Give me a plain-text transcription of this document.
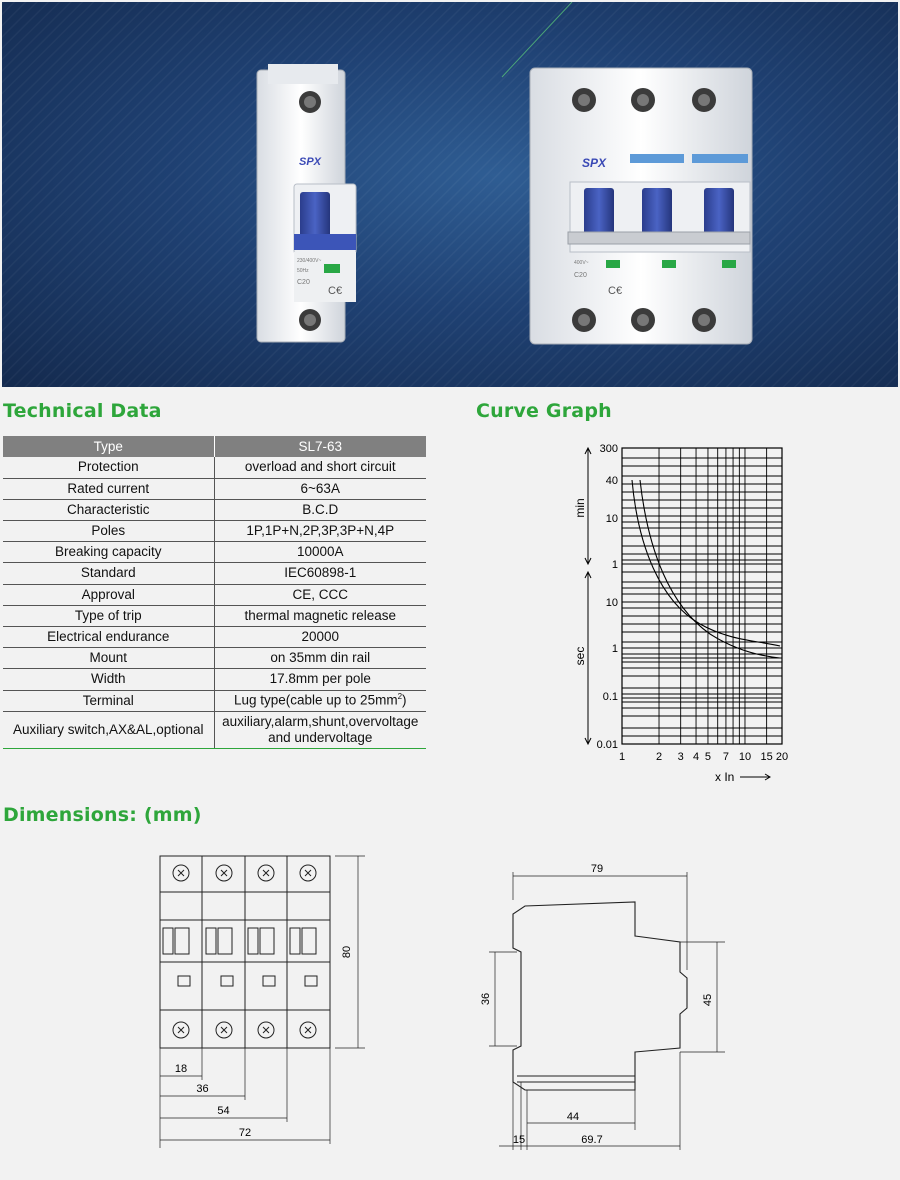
SPX
230/400V~
50Hz
C20
C€
SPX
400V~
C20
C€
Technical Data
Type	SL7-63
Protection	overload and short circuit
Rated current	6~63A
Characteristic	B.C.D
Poles	1P,1P+N,2P,3P,3P+N,4P
Breaking capacity	10000A
Standard	IEC60898-1
Approval	CE, CCC
Type of trip	thermal magnetic release
Electrical endurance	20000
Mount	on 35mm din rail
Width	17.8mm per pole
Terminal	Lug type(cable up to $25mm^2$)
Auxiliary switch,AX&AL,optional	auxiliary,alarm,shunt,overvoltage
and undervoltage
Curve Graph
min
sec
300
40
10
1
10
1
0.1
0.01
1	2 3 4 5 7 10 15 20
x In
Dimensions: (mm)
80
18
36
54
72
79
36	45
44
15	69.7
